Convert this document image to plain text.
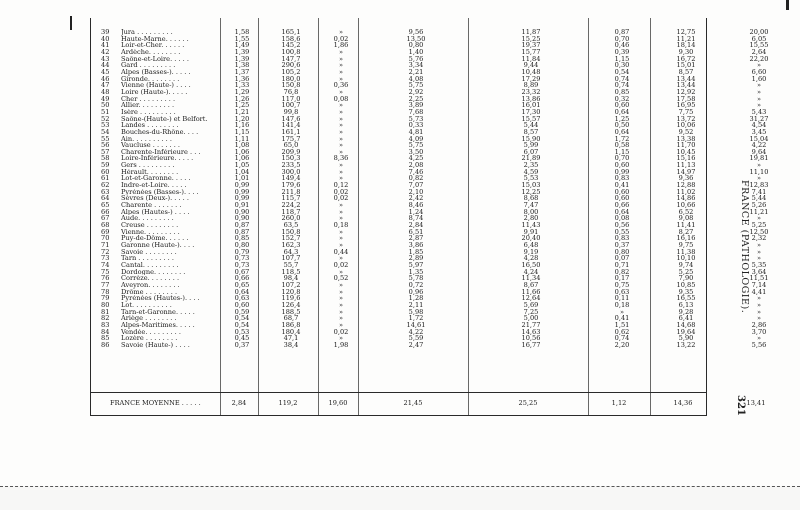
39	Jura . . . . . . . . .	1,58	165,1	»	9,56	11,87	0,87	12,75	20,00
40	Haute-Marne. . . . . .	1,55	158,6	0,02	13,50	15,25	0,70	11,21	6,05
41	Loir-et-Cher. . . . . .	1,49	145,2	1,86	0,80	19,37	0,46	18,14	15,55
42	Ardèche. . . . . . . .	1,39	100,8	»	1,40	15,77	0,39	9,30	2,64
43	Saône-et-Loire. . . . .	1,39	147,7	»	5,76	11,84	1,15	16,72	22,20
44	Gard . . . . . . . . .	1,38	290,6	»	3,34	9,44	0,30	15,01	»
45	Alpes (Basses-). . . . .	1,37	105,2	»	2,21	10,48	0,54	8,57	6,60
46	Gironde. . . . . . . .	1,36	180,0	»	4,08	17,29	0,74	13,44	1,60
47	Vienne (Haute-) . . . .	1,33	150,8	0,36	5,75	8,89	0,74	13,44	»
48	Loire (Haute-). . . . .	1,29	76,8	»	2,92	23,32	0,85	12,92	»
49	Cher . . . . . . . . .	1,26	117,0	0,08	2,25	13,86	0,32	17,58	»
50	Allier. . . . . . . . .	1,25	100,7	»	3,89	16,01	0,60	16,95	»
51	Isère . . . . . . . . .	1,21	99,8	»	7,68	17,30	0,64	7,75	5,43
52	Saône-(Haute-) et Belfort.	1,20	147,6	»	5,73	15,57	1,25	13,72	31,27
53	Landes . . . . . . . .	1,16	141,4	»	0,33	5,44	0,50	10,06	4,54
54	Bouches-du-Rhône. . . .	1,15	161,1	»	4,81	8,57	0,64	9,52	3,45
55	Ain. . . . . . . . . .	1,11	175,7	»	4,09	15,90	1,72	13,38	15,04
56	Vaucluse . . . . . . .	1,08	65,0	»	5,75	5,99	0,58	11,70	4,22
57	Charente-Inférieure . . .	1,06	209,9	»	3,50	6,07	1,15	10,45	9,64
58	Loire-Inférieure. . . . .	1,06	150,3	8,36	4,25	21,89	0,70	15,16	19,81
59	Gers . . . . . . . . .	1,05	233,5	»	2,08	2,35	0,60	11,13	»
60	Hérault. . . . . . . .	1,04	300,0	»	7,46	4,59	0,99	14,97	11,10
61	Lot-et-Garonne. . . . .	1,01	149,4	»	0,82	5,53	0,83	9,36	»
62	Indre-et-Loire. . . . .	0,99	179,6	0,12	7,07	15,03	0,41	12,88	12,83
63	Pyrénées (Basses-). . . .	0,99	211,8	0,02	2,10	12,25	0,60	11,02	7,41
64	Sèvres (Deux-). . . . .	0,99	115,7	0,02	2,42	8,68	0,60	14,86	5,44
65	Charente . . . . . . .	0,91	224,2	»	8,46	7,47	0,66	10,66	5,26
66	Alpes (Hautes-) . . . .	0,90	118,7	»	1,24	8,00	0,64	6,52	11,21
67	Aude. . . . . . . . .	0,90	260,0	»	8,74	2,80	0,08	9,08	»
68	Creuse . . . . . . . .	0,87	63,5	0,18	2,84	11,43	0,56	11,41	5,25
69	Vienne. . . . . . . . .	0,87	150,8	»	6,51	9,91	0,55	8,27	12,50
70	Puy-de-Dôme. . . . . .	0,85	152,7	»	2,87	20,40	0,83	16,16	2,32
71	Garonne (Haute-). . . .	0,80	162,3	»	3,86	6,48	0,37	9,75	»
72	Savoie . . . . . . . .	0,79	64,3	0,44	1,85	9,19	0,80	11,38	»
73	Tarn . . . . . . . . .	0,73	107,7	»	2,89	4,28	0,07	10,10	»
74	Cantal. . . . . . . . .	0,73	55,7	0,02	5,97	16,50	0,71	9,74	5,35
75	Dordogne. . . . . . . .	0,67	118,5	»	1,35	4,24	0,82	5,25	3,64
76	Corrèze. . . . . . . .	0,66	98,4	0,52	5,78	11,34	0,17	7,90	11,51
77	Aveyron. . . . . . . .	0,65	107,2	»	0,72	8,67	0,75	10,85	7,14
78	Drôme . . . . . . . .	0,64	120,8	»	0,96	11,66	0,63	9,35	4,41
79	Pyrénées (Hautes-). . . .	0,63	119,6	»	1,28	12,64	0,11	16,55	»
80	Lot. . . . . . . . . .	0,60	126,4	»	2,11	5,69	0,18	6,13	»
81	Tarn-et-Garonne. . . . .	0,59	188,5	»	5,98	7,25	»	9,28	»
82	Ariège . . . . . . . .	0,54	68,7	»	1,72	5,00	0,41	6,41	»
83	Alpes-Maritimes. . . . .	0,54	186,8	»	14,61	21,77	1,51	14,68	2,86
84	Vendée. . . . . . . . .	0,53	180,4	0,02	4,22	14,63	0,62	19,64	3,70
85	Lozère . . . . . . . .	0,45	47,1	»	5,59	10,56	0,74	5,90	»
86	Savoie (Haute-) . . . .	0,37	38,4	1,98	2,47	16,77	2,20	13,22	5,56
FRANCE MOYENNE . . . . .	2,84	119,2	19,60	21,45	25,25	1,12	14,36	13,41
FRANCE (PATHOLOGIE).
321
